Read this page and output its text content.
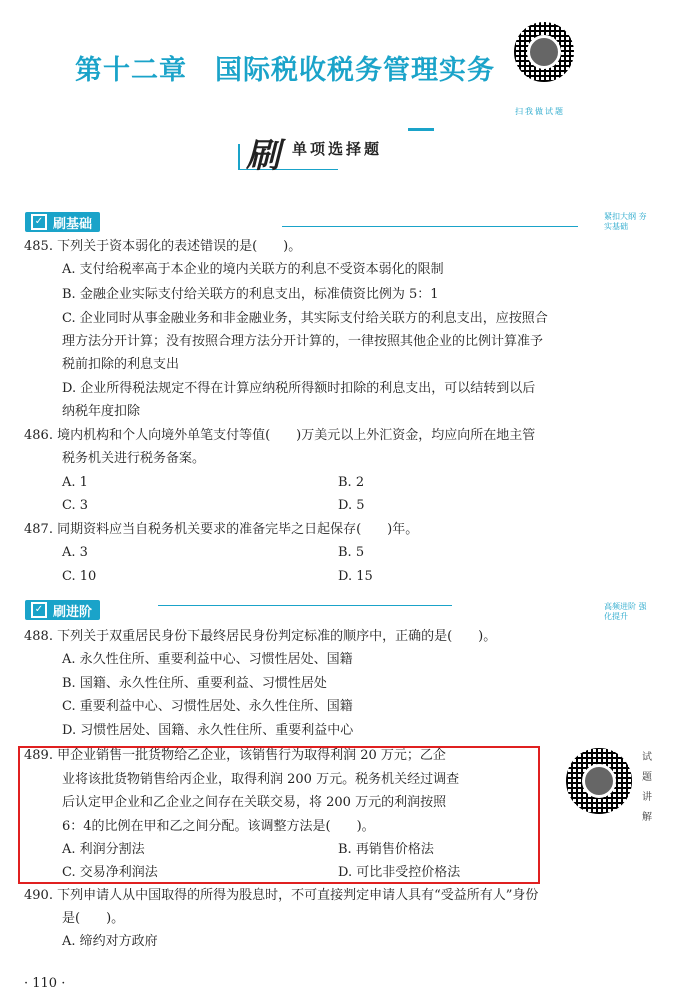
第十二章　国际税收税务管理实务
扫我做试题
刷 单项选择题
✓ 刷基础	紧扣大纲 夯实基础
485. 下列关于资本弱化的表述错误的是(　　)。
A. 支付给税率高于本企业的境内关联方的利息不受资本弱化的限制
B. 金融企业实际支付给关联方的利息支出，标准债资比例为 5：1
C. 企业同时从事金融业务和非金融业务，其实际支付给关联方的利息支出，应按照合
理方法分开计算；没有按照合理方法分开计算的，一律按照其他企业的比例计算准予
税前扣除的利息支出
D. 企业所得税法规定不得在计算应纳税所得额时扣除的利息支出，可以结转到以后
纳税年度扣除
486. 境内机构和个人向境外单笔支付等值(　　)万美元以上外汇资金，均应向所在地主管
税务机关进行税务备案。
A. 1	B. 2
C. 3	D. 5
487. 同期资料应当自税务机关要求的准备完毕之日起保存(　　)年。
A. 3	B. 5
C. 10	D. 15
✓ 刷进阶	高频进阶 强化提升
488. 下列关于双重居民身份下最终居民身份判定标准的顺序中，正确的是(　　)。
A. 永久性住所、重要利益中心、习惯性居处、国籍
B. 国籍、永久性住所、重要利益、习惯性居处
C. 重要利益中心、习惯性居处、永久性住所、国籍
D. 习惯性居处、国籍、永久性住所、重要利益中心
489. 甲企业销售一批货物给乙企业，该销售行为取得利润 20 万元；乙企
业将该批货物销售给丙企业，取得利润 200 万元。税务机关经过调查
后认定甲企业和乙企业之间存在关联交易，将 200 万元的利润按照
6：4的比例在甲和乙之间分配。该调整方法是(　　)。
A. 利润分割法	B. 再销售价格法
C. 交易净利润法	D. 可比非受控价格法
试
题
讲
解
490. 下列申请人从中国取得的所得为股息时，不可直接判定申请人具有“受益所有人”身份
是(　　)。
A. 缔约对方政府
· 110 ·
